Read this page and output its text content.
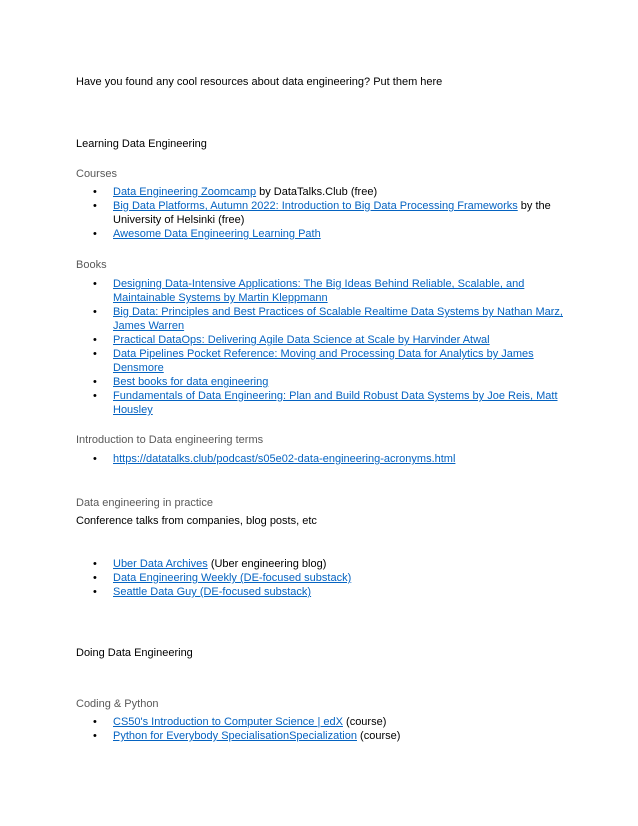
Have you found any cool resources about data engineering? Put them here
Learning Data Engineering
Courses
• Data Engineering Zoomcamp by DataTalks.Club (free)
• Big Data Platforms, Autumn 2022: Introduction to Big Data Processing Frameworks by the University of Helsinki (free)
• Awesome Data Engineering Learning Path
Books
• Designing Data-Intensive Applications: The Big Ideas Behind Reliable, Scalable, and Maintainable Systems by Martin Kleppmann
• Big Data: Principles and Best Practices of Scalable Realtime Data Systems by Nathan Marz, James Warren
• Practical DataOps: Delivering Agile Data Science at Scale by Harvinder Atwal
• Data Pipelines Pocket Reference: Moving and Processing Data for Analytics by James Densmore
• Best books for data engineering
• Fundamentals of Data Engineering: Plan and Build Robust Data Systems by Joe Reis, Matt Housley
Introduction to Data engineering terms
• https://datatalks.club/podcast/s05e02-data-engineering-acronyms.html
Data engineering in practice
Conference talks from companies, blog posts, etc
• Uber Data Archives (Uber engineering blog)
• Data Engineering Weekly (DE-focused substack)
• Seattle Data Guy (DE-focused substack)
Doing Data Engineering
Coding & Python
• CS50's Introduction to Computer Science | edX (course)
• Python for Everybody SpecialisationSpecialization (course)
